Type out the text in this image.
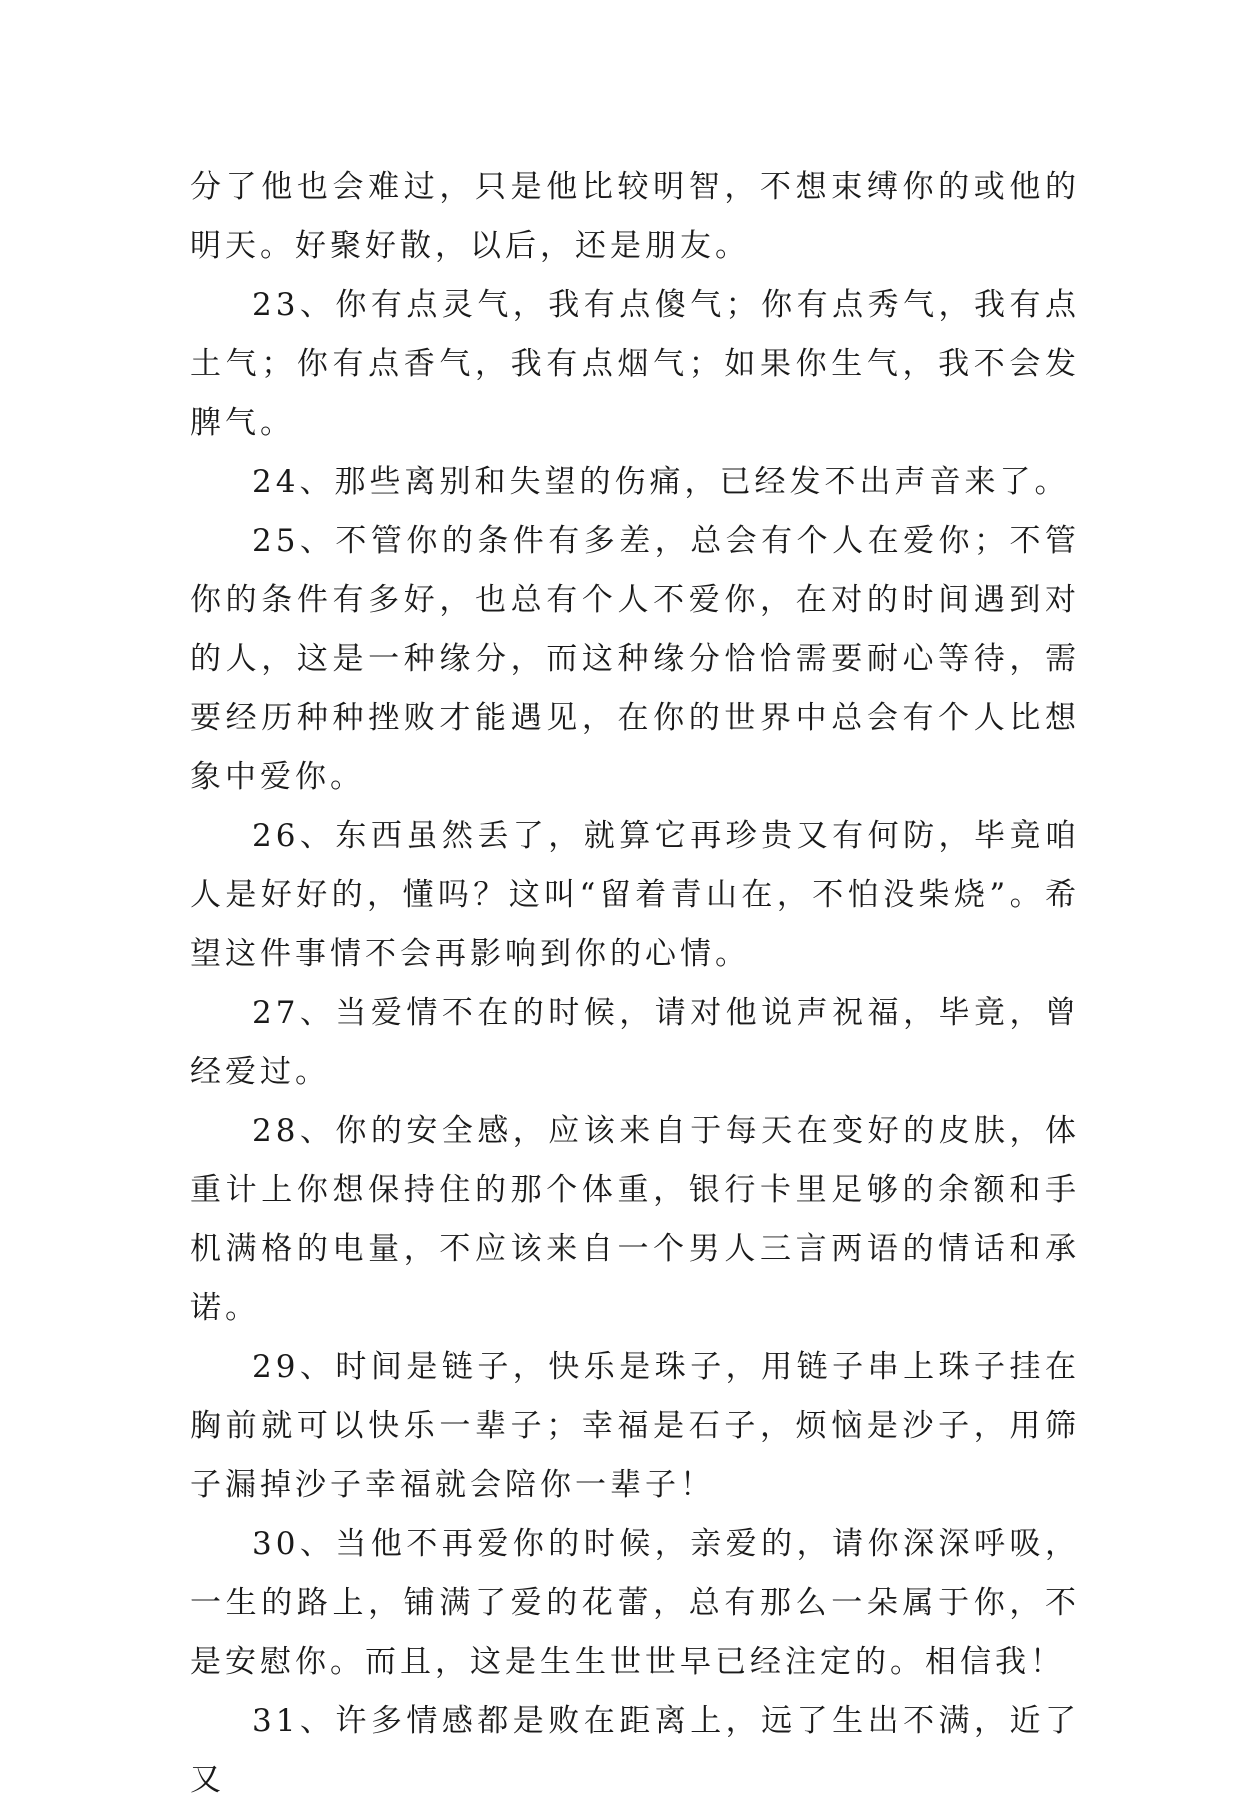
分了他也会难过，只是他比较明智，不想束缚你的或他的明天。好聚好散，以后，还是朋友。

23、你有点灵气，我有点傻气；你有点秀气，我有点土气；你有点香气，我有点烟气；如果你生气，我不会发脾气。

24、那些离别和失望的伤痛，已经发不出声音来了。

25、不管你的条件有多差，总会有个人在爱你；不管你的条件有多好，也总有个人不爱你，在对的时间遇到对的人，这是一种缘分，而这种缘分恰恰需要耐心等待，需要经历种种挫败才能遇见，在你的世界中总会有个人比想象中爱你。

26、东西虽然丢了，就算它再珍贵又有何防，毕竟咱人是好好的，懂吗？这叫“留着青山在，不怕没柴烧”。希望这件事情不会再影响到你的心情。

27、当爱情不在的时候，请对他说声祝福，毕竟，曾经爱过。

28、你的安全感，应该来自于每天在变好的皮肤，体重计上你想保持住的那个体重，银行卡里足够的余额和手机满格的电量，不应该来自一个男人三言两语的情话和承诺。

29、时间是链子，快乐是珠子，用链子串上珠子挂在胸前就可以快乐一辈子；幸福是石子，烦恼是沙子，用筛子漏掉沙子幸福就会陪你一辈子！

30、当他不再爱你的时候，亲爱的，请你深深呼吸，一生的路上，铺满了爱的花蕾，总有那么一朵属于你，不是安慰你。而且，这是生生世世早已经注定的。相信我！

31、许多情感都是败在距离上，远了生出不满，近了又
